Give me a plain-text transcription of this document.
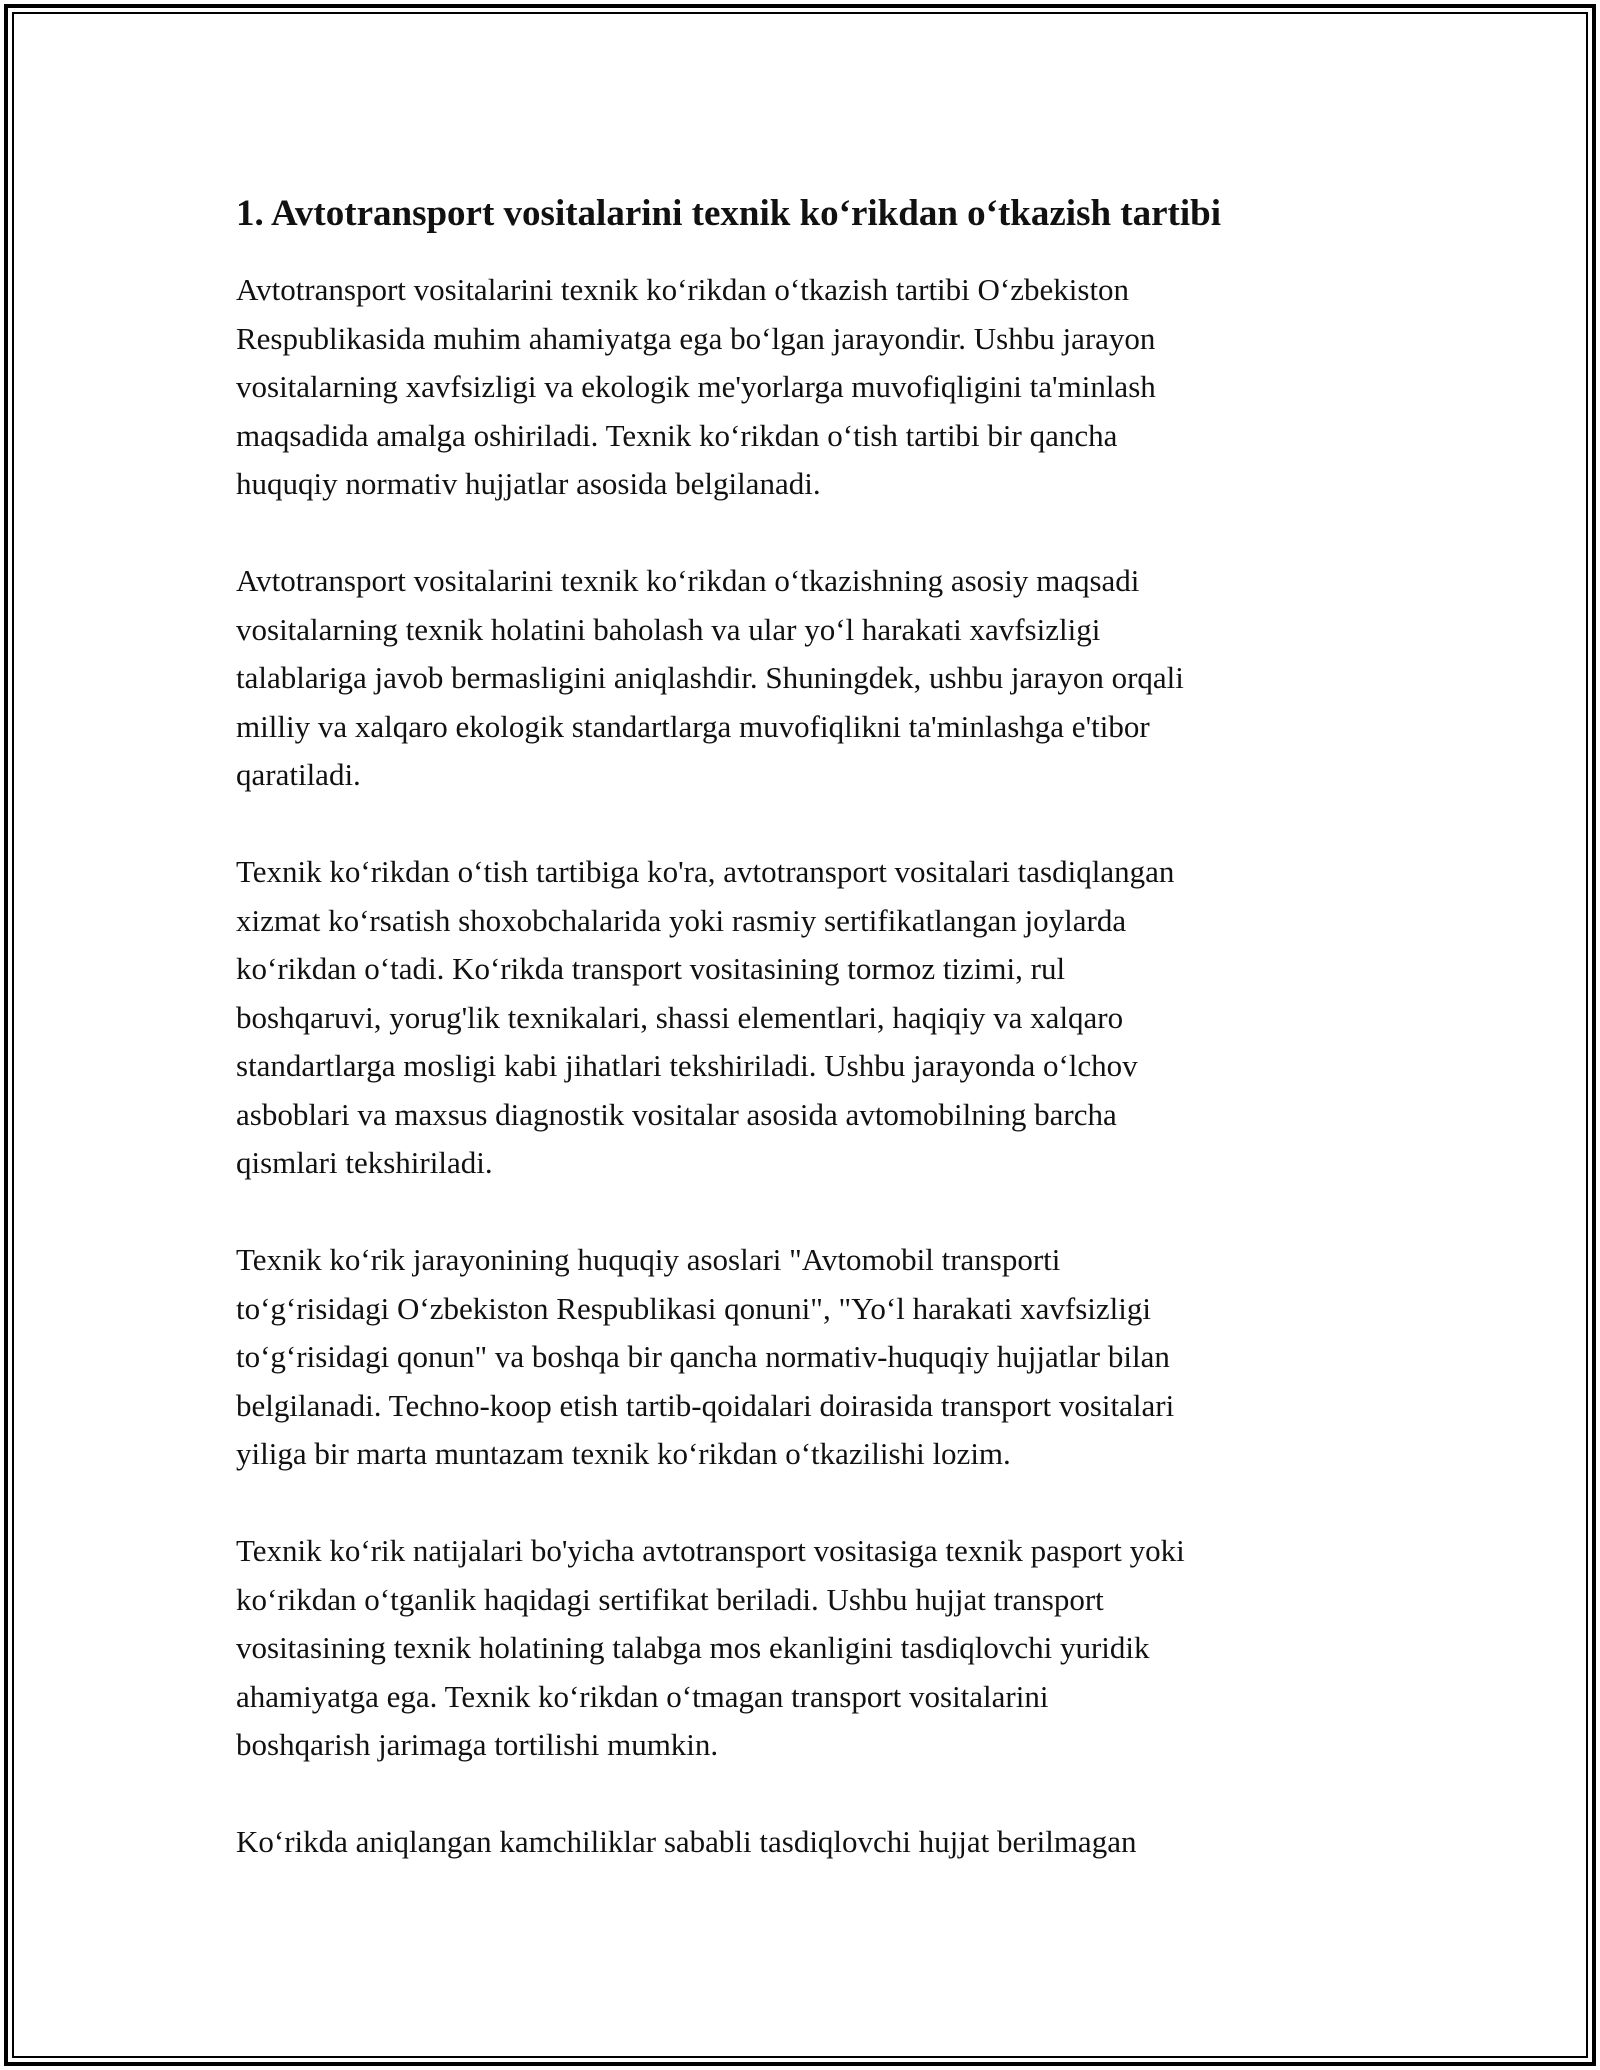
1. Avtotransport vositalarini texnik ko‘rikdan o‘tkazish tartibi
Avtotransport vositalarini texnik ko‘rikdan o‘tkazish tartibi O‘zbekiston
Respublikasida muhim ahamiyatga ega bo‘lgan jarayondir. Ushbu jarayon
vositalarning xavfsizligi va ekologik me'yorlarga muvofiqligini ta'minlash
maqsadida amalga oshiriladi. Texnik ko‘rikdan o‘tish tartibi bir qancha
huquqiy normativ hujjatlar asosida belgilanadi.
Avtotransport vositalarini texnik ko‘rikdan o‘tkazishning asosiy maqsadi
vositalarning texnik holatini baholash va ular yo‘l harakati xavfsizligi
talablariga javob bermasligini aniqlashdir. Shuningdek, ushbu jarayon orqali
milliy va xalqaro ekologik standartlarga muvofiqlikni ta'minlashga e'tibor
qaratiladi.
Texnik ko‘rikdan o‘tish tartibiga ko'ra, avtotransport vositalari tasdiqlangan
xizmat ko‘rsatish shoxobchalarida yoki rasmiy sertifikatlangan joylarda
ko‘rikdan o‘tadi. Ko‘rikda transport vositasining tormoz tizimi, rul
boshqaruvi, yorug'lik texnikalari, shassi elementlari, haqiqiy va xalqaro
standartlarga mosligi kabi jihatlari tekshiriladi. Ushbu jarayonda o‘lchov
asboblari va maxsus diagnostik vositalar asosida avtomobilning barcha
qismlari tekshiriladi.
Texnik ko‘rik jarayonining huquqiy asoslari "Avtomobil transporti
to‘g‘risidagi O‘zbekiston Respublikasi qonuni", "Yo‘l harakati xavfsizligi
to‘g‘risidagi qonun" va boshqa bir qancha normativ-huquqiy hujjatlar bilan
belgilanadi. Techno-koop etish tartib-qoidalari doirasida transport vositalari
yiliga bir marta muntazam texnik ko‘rikdan o‘tkazilishi lozim.
Texnik ko‘rik natijalari bo'yicha avtotransport vositasiga texnik pasport yoki
ko‘rikdan o‘tganlik haqidagi sertifikat beriladi. Ushbu hujjat transport
vositasining texnik holatining talabga mos ekanligini tasdiqlovchi yuridik
ahamiyatga ega. Texnik ko‘rikdan o‘tmagan transport vositalarini
boshqarish jarimaga tortilishi mumkin.
Ko‘rikda aniqlangan kamchiliklar sababli tasdiqlovchi hujjat berilmagan
